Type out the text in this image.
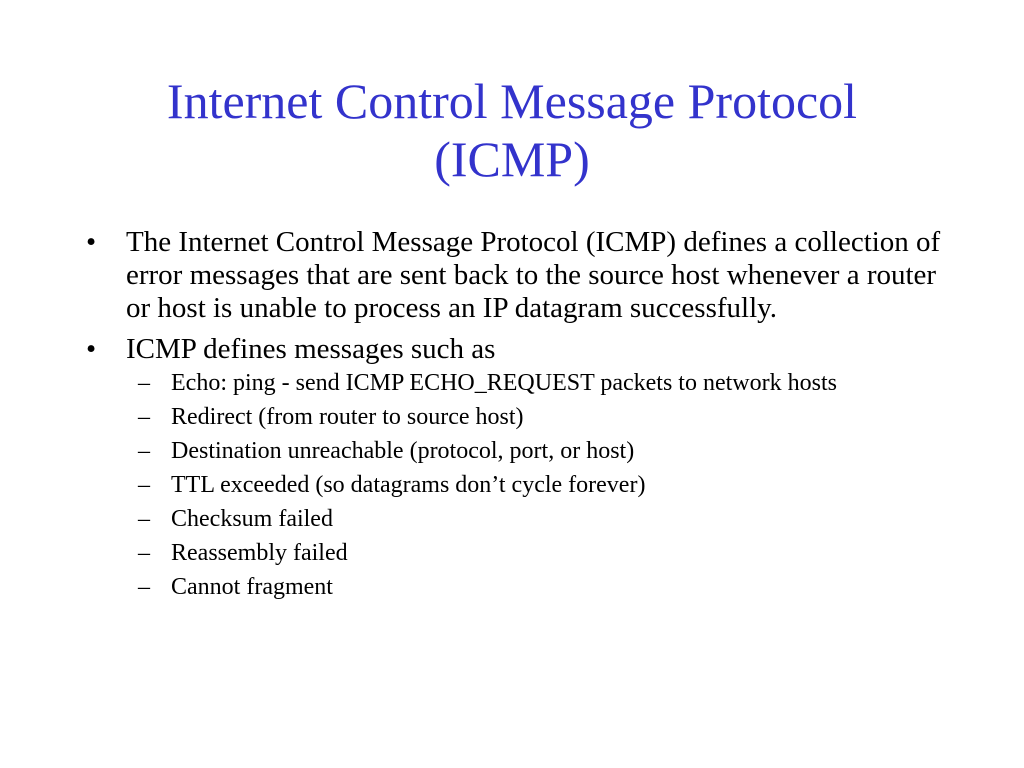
Internet Control Message Protocol
(ICMP)
• The Internet Control Message Protocol (ICMP) defines a collection of error messages that are sent back to the source host whenever a router or host is unable to process an IP datagram successfully.
• ICMP defines messages such as
– Echo: ping - send ICMP ECHO_REQUEST packets to network hosts
– Redirect (from router to source host)
– Destination unreachable (protocol, port, or host)
– TTL exceeded (so datagrams don’t cycle forever)
– Checksum failed
– Reassembly failed
– Cannot fragment
